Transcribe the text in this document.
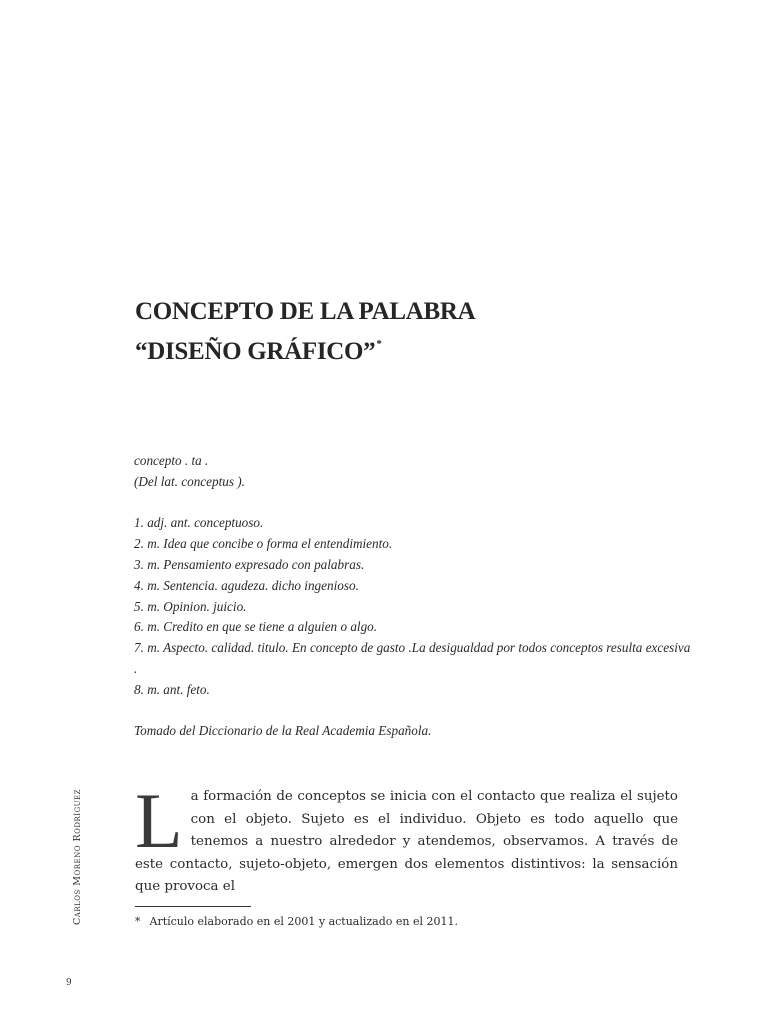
CONCEPTO DE LA PALABRA
“DISEÑO GRÁFICO”*
concepto . ta .
(Del lat. conceptus ).
1. adj. ant. conceptuoso.
2. m. Idea que concibe o forma el entendimiento.
3. m. Pensamiento expresado con palabras.
4. m. Sentencia. agudeza. dicho ingenioso.
5. m. Opinion. juicio.
6. m. Credito en que se tiene a alguien o algo.
7. m. Aspecto. calidad. titulo. En concepto de gasto .La desigualdad por todos conceptos resulta excesiva .
8. m. ant. feto.
Tomado del Diccionario de la Real Academia Española.
La formación de conceptos se inicia con el contacto que realiza el sujeto con el objeto. Sujeto es el individuo. Objeto es todo aquello que tenemos a nuestro alrededor y atendemos, observamos. A través de este contacto, sujeto-objeto, emergen dos elementos distintivos: la sensación que provoca el
* Artículo elaborado en el 2001 y actualizado en el 2011.
Carlos Moreno Rodríguez
9
